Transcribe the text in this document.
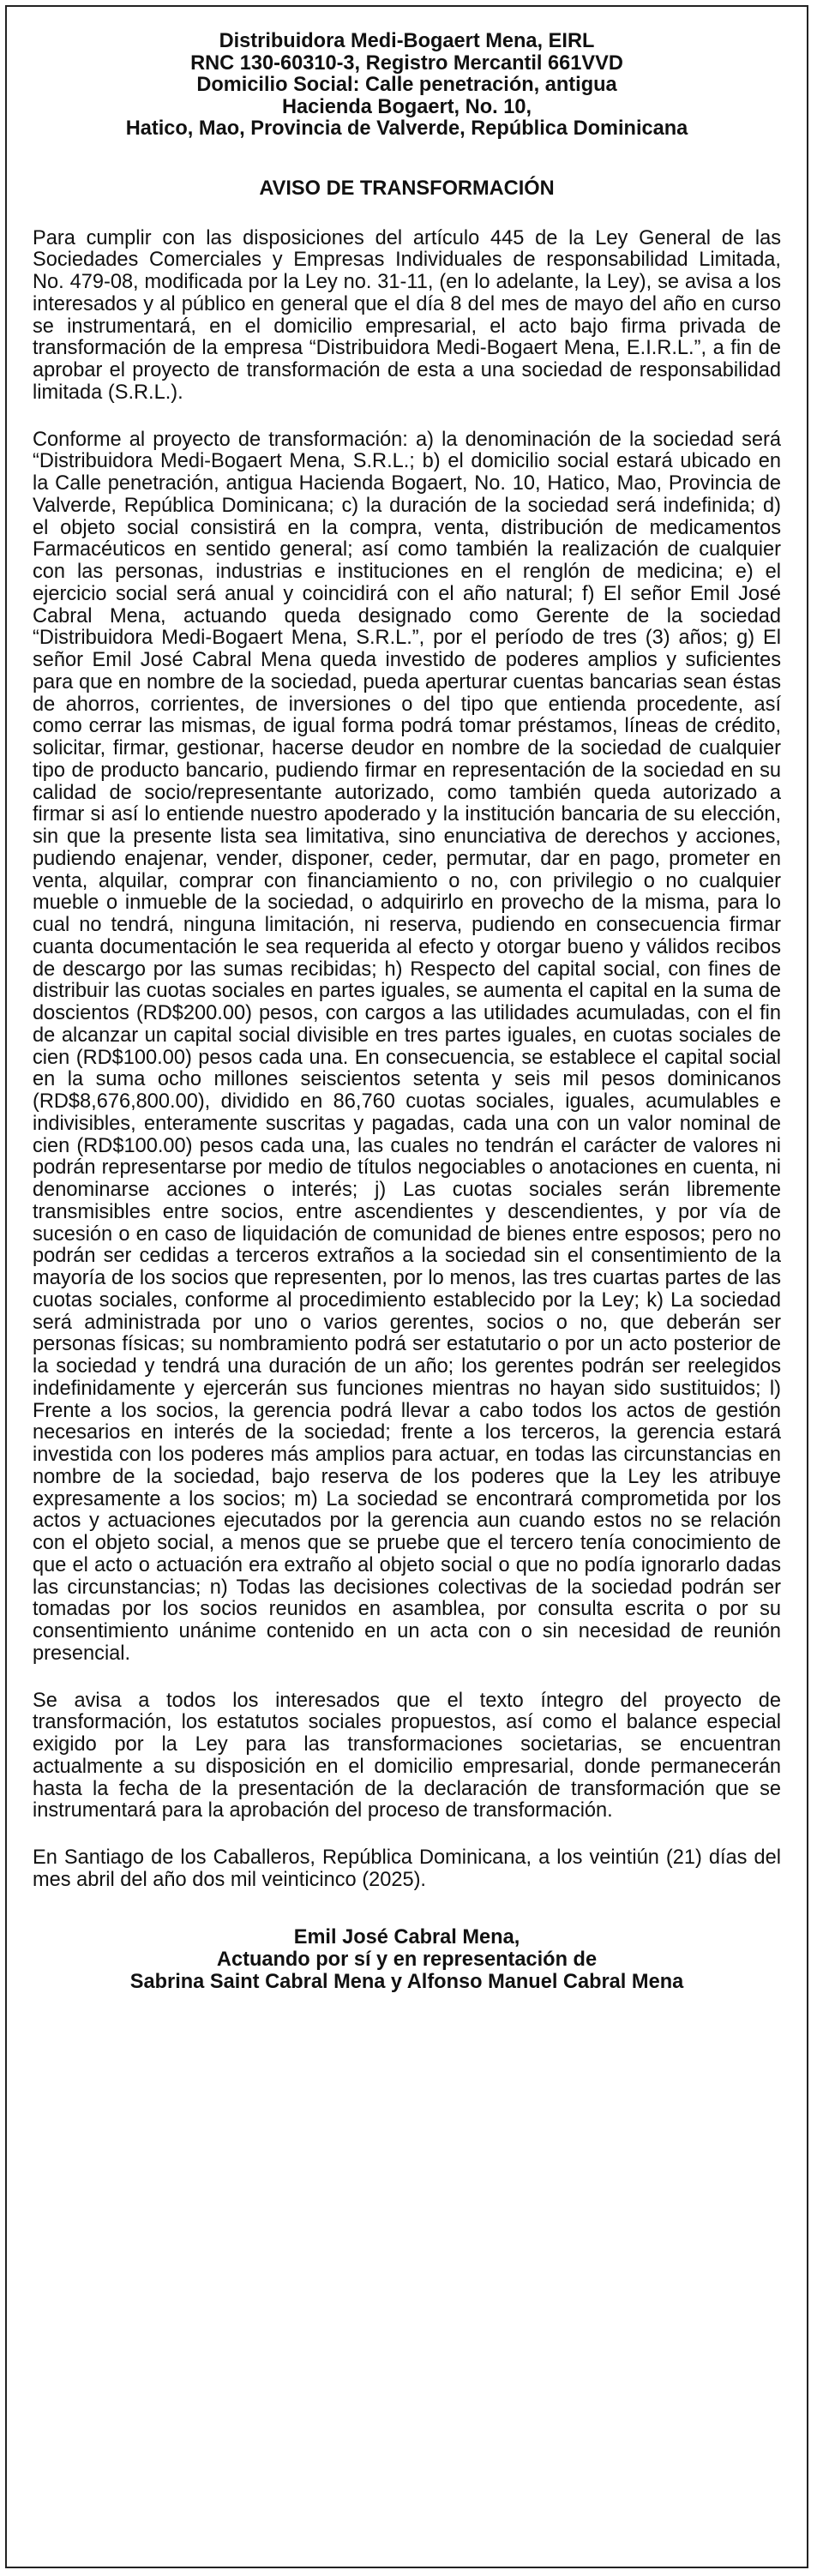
Distribuidora Medi-Bogaert Mena, EIRL
RNC 130-60310-3, Registro Mercantil 661VVD
Domicilio Social: Calle penetración, antigua
Hacienda Bogaert, No. 10,
Hatico, Mao, Provincia de Valverde, República Dominicana
AVISO DE TRANSFORMACIÓN

Para cumplir con las disposiciones del artículo 445 de la Ley General de las Sociedades Comerciales y Empresas Individuales de responsabilidad Limitada, No. 479-08, modificada por la Ley no. 31-11, (en lo adelante, la Ley), se avisa a los interesados y al público en general que el día 8 del mes de mayo del año en curso se instrumentará, en el domicilio empresarial, el acto bajo firma privada de transformación de la empresa “Distribuidora Medi-Bogaert Mena, E.I.R.L.”, a fin de aprobar el proyecto de transformación de esta a una sociedad de responsabilidad limitada (S.R.L.).

Conforme al proyecto de transformación: a) la denominación de la sociedad será “Distribuidora Medi-Bogaert Mena, S.R.L.; b) el domicilio social estará ubicado en la Calle penetración, antigua Hacienda Bogaert, No. 10, Hatico, Mao, Provincia de Valverde, República Dominicana; c) la duración de la sociedad será indefinida; d) el objeto social consistirá en la compra, venta, distribución de medicamentos Farmacéuticos en sentido general; así como también la realización de cualquier con las personas, industrias e instituciones en el renglón de medicina; e) el ejercicio social será anual y coincidirá con el año natural; f) El señor Emil José Cabral Mena, actuando queda designado como Gerente de la sociedad “Distribuidora Medi-Bogaert Mena, S.R.L.”, por el período de tres (3) años; g) El señor Emil José Cabral Mena queda investido de poderes amplios y suficientes para que en nombre de la sociedad, pueda aperturar cuentas bancarias sean éstas de ahorros, corrientes, de inversiones o del tipo que entienda procedente, así como cerrar las mismas, de igual forma podrá tomar préstamos, líneas de crédito, solicitar, firmar, gestionar, hacerse deudor en nombre de la sociedad de cualquier tipo de producto bancario, pudiendo firmar en representación de la sociedad en su calidad de socio/representante autorizado, como también queda autorizado a firmar si así lo entiende nuestro apoderado y la institución bancaria de su elección, sin que la presente lista sea limitativa, sino enunciativa de derechos y acciones, pudiendo enajenar, vender, disponer, ceder, permutar, dar en pago, prometer en venta, alquilar, comprar con financiamiento o no, con privilegio o no cualquier mueble o inmueble de la sociedad, o adquirirlo en provecho de la misma, para lo cual no tendrá, ninguna limitación, ni reserva, pudiendo en consecuencia firmar cuanta documentación le sea requerida al efecto y otorgar bueno y válidos recibos de descargo por las sumas recibidas; h) Respecto del capital social, con fines de distribuir las cuotas sociales en partes iguales, se aumenta el capital en la suma de doscientos (RD$200.00) pesos, con cargos a las utilidades acumuladas, con el fin de alcanzar un capital social divisible en tres partes iguales, en cuotas sociales de cien (RD$100.00) pesos cada una. En consecuencia, se establece el capital social en la suma ocho millones seiscientos setenta y seis mil pesos dominicanos (RD$8,676,800.00), dividido en 86,760 cuotas sociales, iguales, acumulables e indivisibles, enteramente suscritas y pagadas, cada una con un valor nominal de cien (RD$100.00) pesos cada una, las cuales no tendrán el carácter de valores ni podrán representarse por medio de títulos negociables o anotaciones en cuenta, ni denominarse acciones o interés; j) Las cuotas sociales serán libremente transmisibles entre socios, entre ascendientes y descendientes, y por vía de sucesión o en caso de liquidación de comunidad de bienes entre esposos; pero no podrán ser cedidas a terceros extraños a la sociedad sin el consentimiento de la mayoría de los socios que representen, por lo menos, las tres cuartas partes de las cuotas sociales, conforme al procedimiento establecido por la Ley; k) La sociedad será administrada por uno o varios gerentes, socios o no, que deberán ser personas físicas; su nombramiento podrá ser estatutario o por un acto posterior de la sociedad y tendrá una duración de un año; los gerentes podrán ser reelegidos indefinidamente y ejercerán sus funciones mientras no hayan sido sustituidos; l) Frente a los socios, la gerencia podrá llevar a cabo todos los actos de gestión necesarios en interés de la sociedad; frente a los terceros, la gerencia estará investida con los poderes más amplios para actuar, en todas las circunstancias en nombre de la sociedad, bajo reserva de los poderes que la Ley les atribuye expresamente a los socios; m) La sociedad se encontrará comprometida por los actos y actuaciones ejecutados por la gerencia aun cuando estos no se relación con el objeto social, a menos que se pruebe que el tercero tenía conocimiento de que el acto o actuación era extraño al objeto social o que no podía ignorarlo dadas las circunstancias; n) Todas las decisiones colectivas de la sociedad podrán ser tomadas por los socios reunidos en asamblea, por consulta escrita o por su consentimiento unánime contenido en un acta con o sin necesidad de reunión presencial.

Se avisa a todos los interesados que el texto íntegro del proyecto de transformación, los estatutos sociales propuestos, así como el balance especial exigido por la Ley para las transformaciones societarias, se encuentran actualmente a su disposición en el domicilio empresarial, donde permanecerán hasta la fecha de la presentación de la declaración de transformación que se instrumentará para la aprobación del proceso de transformación.

En Santiago de los Caballeros, República Dominicana, a los veintiún (21) días del mes abril del año dos mil veinticinco (2025).

Emil José Cabral Mena,
Actuando por sí y en representación de
Sabrina Saint Cabral Mena y Alfonso Manuel Cabral Mena
